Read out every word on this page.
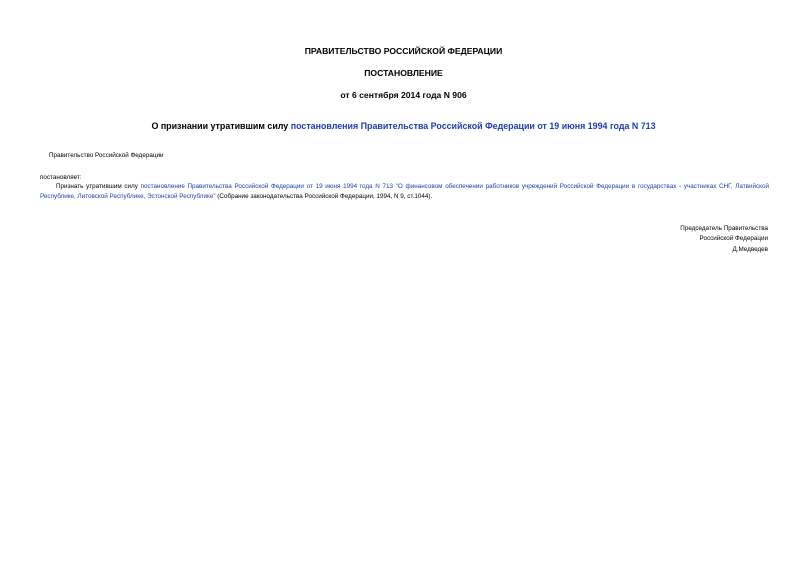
ПРАВИТЕЛЬСТВО РОССИЙСКОЙ ФЕДЕРАЦИИ
ПОСТАНОВЛЕНИЕ
от 6 сентября 2014 года N 906
О признании утратившим силу постановления Правительства Российской Федерации от 19 июня 1994 года N 713
Правительство Российской Федерации
постановляет:
Признать утратившим силу постановление Правительства Российской Федерации от 19 июня 1994 года N 713 "О финансовом обеспечении работников учреждений Российской Федерации в государствах - участниках СНГ, Латвийской Республике, Литовской Республике, Эстонской Республике" (Собрание законодательства Российской Федерации, 1994, N 9, ст.1044).
Председатель Правительства
Российской Федерации
Д.Медведев
